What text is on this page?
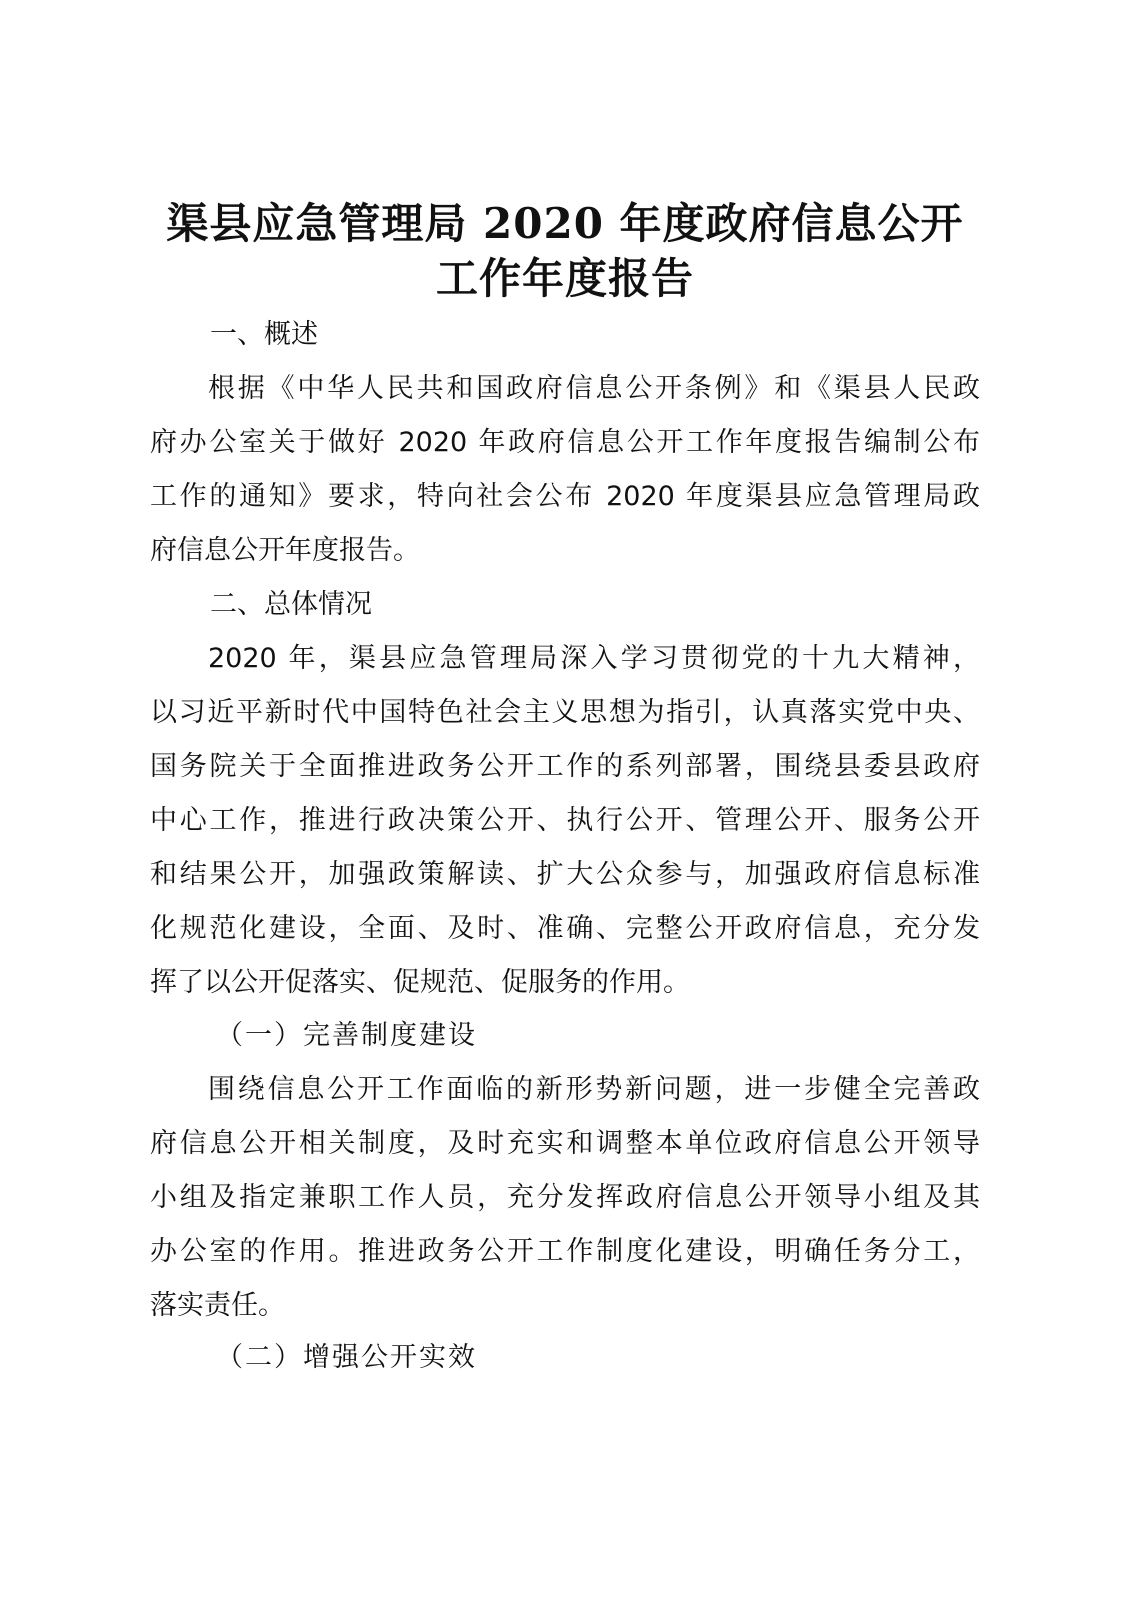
渠县应急管理局 2020 年度政府信息公开
工作年度报告
一、概述
根据《中华人民共和国政府信息公开条例》和《渠县人民政
府办公室关于做好 2020 年政府信息公开工作年度报告编制公布
工作的通知》要求，特向社会公布 2020 年度渠县应急管理局政
府信息公开年度报告。
二、总体情况
2020 年，渠县应急管理局深入学习贯彻党的十九大精神，
以习近平新时代中国特色社会主义思想为指引，认真落实党中央、
国务院关于全面推进政务公开工作的系列部署，围绕县委县政府
中心工作，推进行政决策公开、执行公开、管理公开、服务公开
和结果公开，加强政策解读、扩大公众参与，加强政府信息标准
化规范化建设，全面、及时、准确、完整公开政府信息，充分发
挥了以公开促落实、促规范、促服务的作用。
（一）完善制度建设
围绕信息公开工作面临的新形势新问题，进一步健全完善政
府信息公开相关制度，及时充实和调整本单位政府信息公开领导
小组及指定兼职工作人员，充分发挥政府信息公开领导小组及其
办公室的作用。推进政务公开工作制度化建设，明确任务分工，
落实责任。
（二）增强公开实效
